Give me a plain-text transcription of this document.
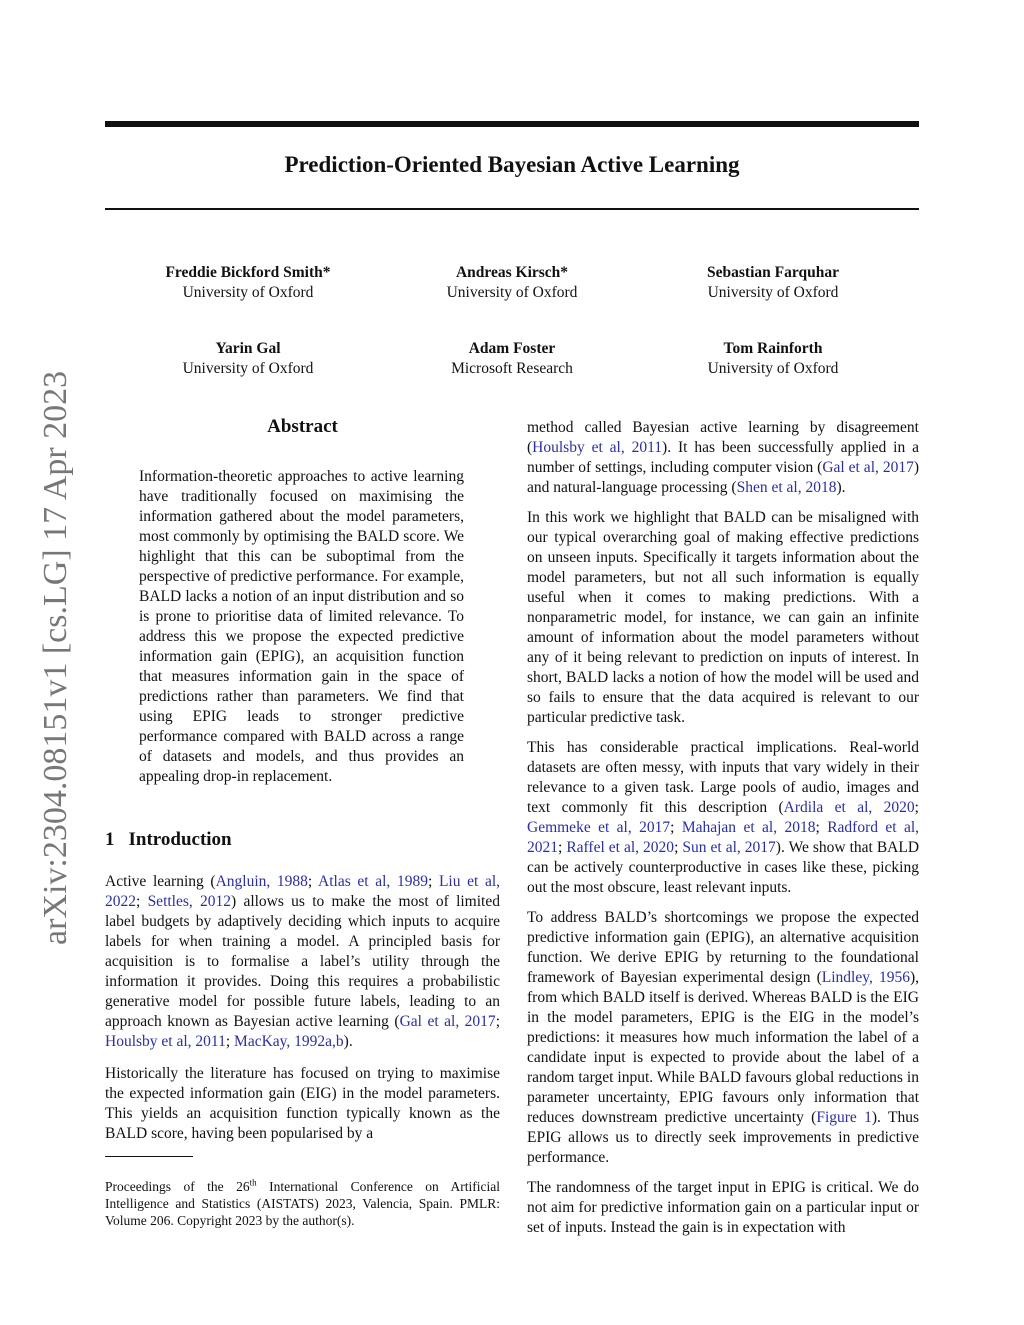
Prediction-Oriented Bayesian Active Learning
arXiv:2304.08151v1 [cs.LG] 17 Apr 2023
Freddie Bickford Smith*
University of Oxford
Andreas Kirsch*
University of Oxford
Sebastian Farquhar
University of Oxford
Yarin Gal
University of Oxford
Adam Foster
Microsoft Research
Tom Rainforth
University of Oxford
Abstract

Information-theoretic approaches to active learning have traditionally focused on maximising the information gathered about the model parameters, most commonly by optimising the BALD score. We highlight that this can be suboptimal from the perspective of predictive performance. For example, BALD lacks a notion of an input distribution and so is prone to prioritise data of limited relevance. To address this we propose the expected predictive information gain (EPIG), an acquisition function that measures information gain in the space of predictions rather than parameters. We find that using EPIG leads to stronger predictive performance compared with BALD across a range of datasets and models, and thus provides an appealing drop-in replacement.

1 Introduction

Active learning (Angluin, 1988; Atlas et al, 1989; Liu et al, 2022; Settles, 2012) allows us to make the most of limited label budgets by adaptively deciding which inputs to acquire labels for when training a model. A principled basis for acquisition is to formalise a label’s utility through the information it provides. Doing this requires a probabilistic generative model for possible future labels, leading to an approach known as Bayesian active learning (Gal et al, 2017; Houlsby et al, 2011; MacKay, 1992a,b).

Historically the literature has focused on trying to maximise the expected information gain (EIG) in the model parameters. This yields an acquisition function typically known as the BALD score, having been popularised by a

Proceedings of the 26th International Conference on Artificial Intelligence and Statistics (AISTATS) 2023, Valencia, Spain. PMLR: Volume 206. Copyright 2023 by the author(s).

method called Bayesian active learning by disagreement (Houlsby et al, 2011). It has been successfully applied in a number of settings, including computer vision (Gal et al, 2017) and natural-language processing (Shen et al, 2018).

In this work we highlight that BALD can be misaligned with our typical overarching goal of making effective predictions on unseen inputs. Specifically it targets information about the model parameters, but not all such information is equally useful when it comes to making predictions. With a nonparametric model, for instance, we can gain an infinite amount of information about the model parameters without any of it being relevant to prediction on inputs of interest. In short, BALD lacks a notion of how the model will be used and so fails to ensure that the data acquired is relevant to our particular predictive task.

This has considerable practical implications. Real-world datasets are often messy, with inputs that vary widely in their relevance to a given task. Large pools of audio, images and text commonly fit this description (Ardila et al, 2020; Gemmeke et al, 2017; Mahajan et al, 2018; Radford et al, 2021; Raffel et al, 2020; Sun et al, 2017). We show that BALD can be actively counterproductive in cases like these, picking out the most obscure, least relevant inputs.

To address BALD’s shortcomings we propose the expected predictive information gain (EPIG), an alternative acquisition function. We derive EPIG by returning to the foundational framework of Bayesian experimental design (Lindley, 1956), from which BALD itself is derived. Whereas BALD is the EIG in the model parameters, EPIG is the EIG in the model’s predictions: it measures how much information the label of a candidate input is expected to provide about the label of a random target input. While BALD favours global reductions in parameter uncertainty, EPIG favours only information that reduces downstream predictive uncertainty (Figure 1). Thus EPIG allows us to directly seek improvements in predictive performance.

The randomness of the target input in EPIG is critical. We do not aim for predictive information gain on a particular input or set of inputs. Instead the gain is in expectation with
